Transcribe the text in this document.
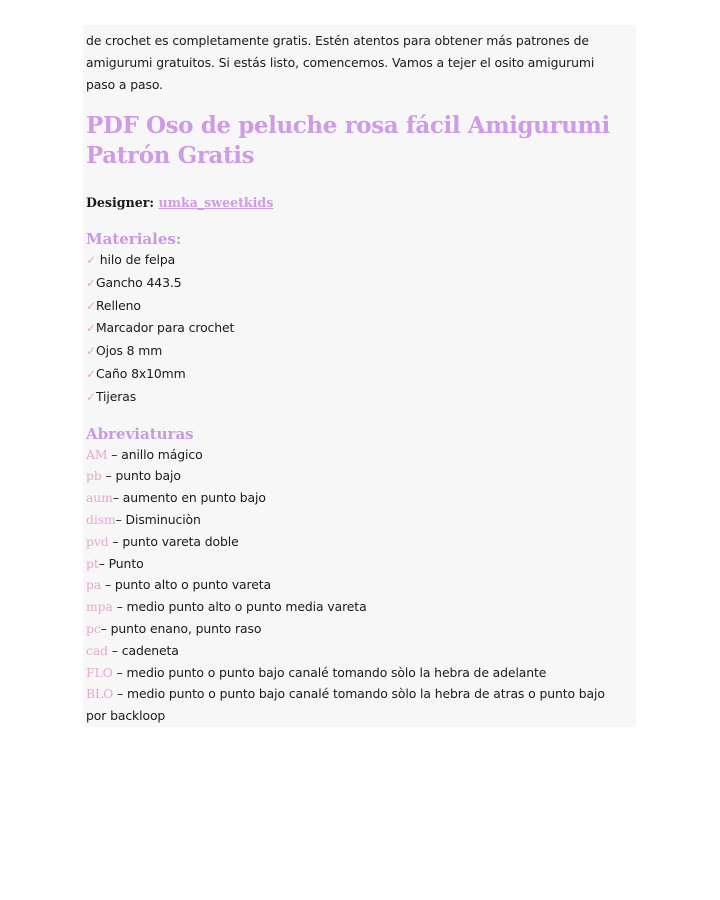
de crochet es completamente gratis. Estén atentos para obtener más patrones de amigurumi gratuitos. Si estás listo, comencemos. Vamos a tejer el osito amigurumi paso a paso.

PDF Oso de peluche rosa fácil Amigurumi Patrón Gratis

Designer: umka_sweetkids

Materiales:
✓ hilo de felpa
✓Gancho 443.5
✓Relleno
✓Marcador para crochet
✓Ojos 8 mm
✓Caño 8x10mm
✓Tijeras
Abreviaturas
AM – anillo mágico
pb – punto bajo
aum– aumento en punto bajo
dism– Disminuciòn
pvd – punto vareta doble
pt– Punto
pa – punto alto o punto vareta
mpa – medio punto alto o punto media vareta
pc– punto enano, punto raso
cad – cadeneta
FLO – medio punto o punto bajo canalé tomando sòlo la hebra de adelante
BLO – medio punto o punto bajo canalé tomando sòlo la hebra de atras o punto bajo por backloop
